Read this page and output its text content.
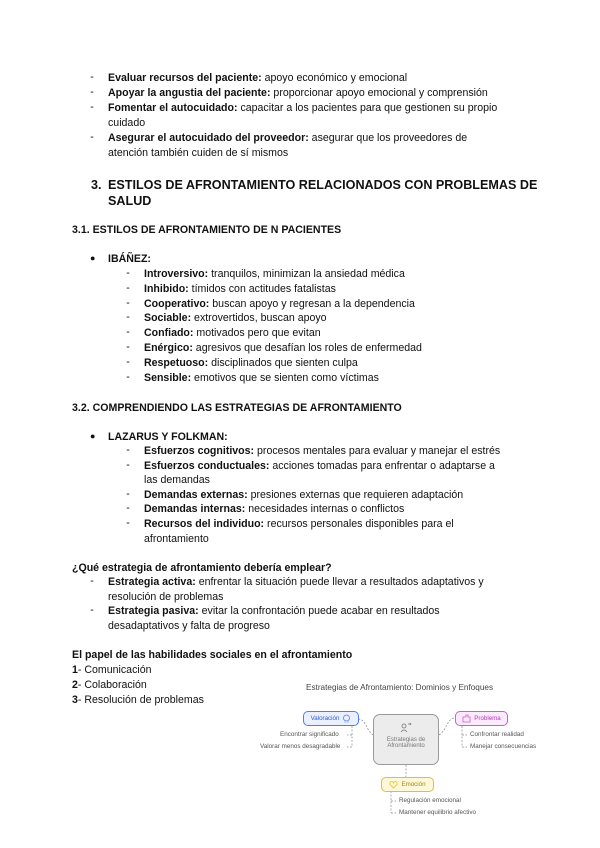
- Evaluar recursos del paciente: apoyo económico y emocional
- Apoyar la angustia del paciente: proporcionar apoyo emocional y comprensión
- Fomentar el autocuidado: capacitar a los pacientes para que gestionen su propio
cuidado
- Asegurar el autocuidado del proveedor: asegurar que los proveedores de
atención también cuiden de sí mismos
3. ESTILOS DE AFRONTAMIENTO RELACIONADOS CON PROBLEMAS DE
SALUD
3.1. ESTILOS DE AFRONTAMIENTO DE N PACIENTES
● IBÁÑEZ:
- Introversivo: tranquilos, minimizan la ansiedad médica
- Inhibido: tímidos con actitudes fatalistas
- Cooperativo: buscan apoyo y regresan a la dependencia
- Sociable: extrovertidos, buscan apoyo
- Confiado: motivados pero que evitan
- Enérgico: agresivos que desafían los roles de enfermedad
- Respetuoso: disciplinados que sienten culpa
- Sensible: emotivos que se sienten como víctimas
3.2. COMPRENDIENDO LAS ESTRATEGIAS DE AFRONTAMIENTO
● LAZARUS Y FOLKMAN:
- Esfuerzos cognitivos: procesos mentales para evaluar y manejar el estrés
- Esfuerzos conductuales: acciones tomadas para enfrentar o adaptarse a
las demandas
- Demandas externas: presiones externas que requieren adaptación
- Demandas internas: necesidades internas o conflictos
- Recursos del individuo: recursos personales disponibles para el
afrontamiento
¿Qué estrategia de afrontamiento debería emplear?
- Estrategia activa: enfrentar la situación puede llevar a resultados adaptativos y
resolución de problemas
- Estrategia pasiva: evitar la confrontación puede acabar en resultados
desadaptativos y falta de progreso
El papel de las habilidades sociales en el afrontamiento
1- Comunicación
2- Colaboración
3- Resolución de problemas
Estrategias de Afrontamiento: Dominios y Enfoques
Valoración
Encontrar significado
Valorar menos desagradable
Estrategias de
Afrontamiento
Problema
Confrontar realidad
Manejar consecuencias
Emoción
Regulación emocional
Mantener equilibrio afectivo
